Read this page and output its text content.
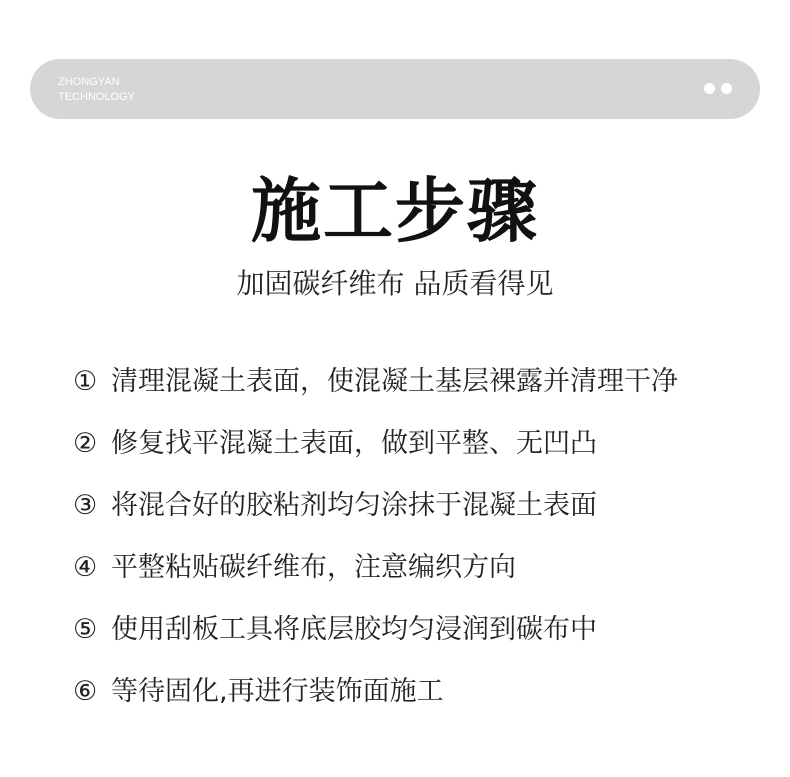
ZHONGYAN
TECHNOLOGY
施工步骤
加固碳纤维布 品质看得见
① 清理混凝土表面，使混凝土基层裸露并清理干净
② 修复找平混凝土表面，做到平整、无凹凸
③ 将混合好的胶粘剂均匀涂抹于混凝土表面
④ 平整粘贴碳纤维布，注意编织方向
⑤ 使用刮板工具将底层胶均匀浸润到碳布中
⑥ 等待固化,再进行装饰面施工
